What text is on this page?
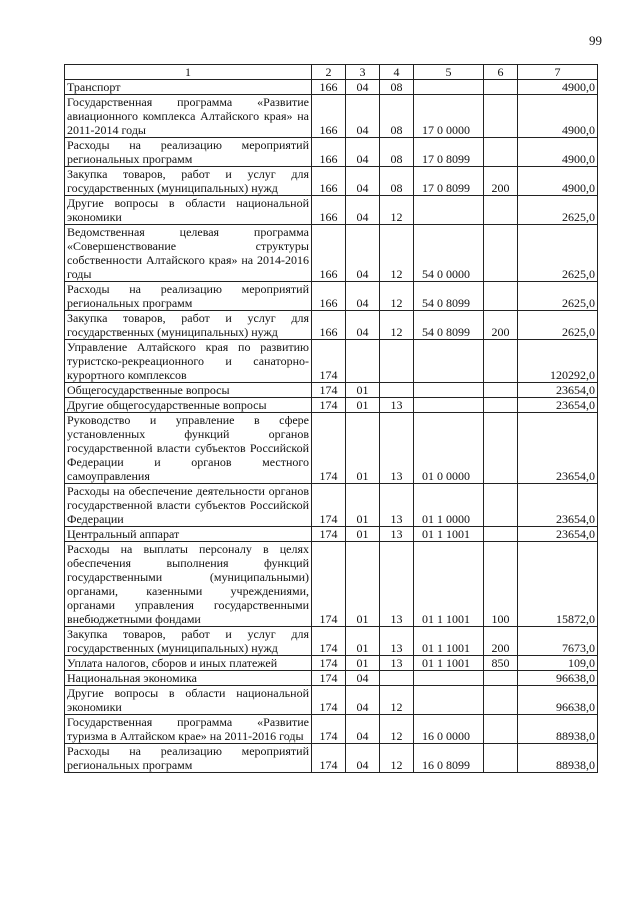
99
1	2	3	4	5	6	7
Транспорт	166	04	08			4900,0
Государственная программа «Развитие авиационного комплекса Алтайского края» на 2011-2014 годы	166	04	08	17 0 0000		4900,0
Расходы на реализацию мероприятий региональных программ	166	04	08	17 0 8099		4900,0
Закупка товаров, работ и услуг для государственных (муниципальных) нужд	166	04	08	17 0 8099	200	4900,0
Другие вопросы в области национальной экономики	166	04	12			2625,0
Ведомственная целевая программа «Совершенствование структуры собственности Алтайского края» на 2014-2016 годы	166	04	12	54 0 0000		2625,0
Расходы на реализацию мероприятий региональных программ	166	04	12	54 0 8099		2625,0
Закупка товаров, работ и услуг для государственных (муниципальных) нужд	166	04	12	54 0 8099	200	2625,0
Управление Алтайского края по развитию туристско-рекреационного и санаторно-курортного комплексов	174					120292,0
Общегосударственные вопросы	174	01				23654,0
Другие общегосударственные вопросы	174	01	13			23654,0
Руководство и управление в сфере установленных функций органов государственной власти субъектов Российской Федерации и органов местного самоуправления	174	01	13	01 0 0000		23654,0
Расходы на обеспечение деятельности органов государственной власти субъектов Российской Федерации	174	01	13	01 1 0000		23654,0
Центральный аппарат	174	01	13	01 1 1001		23654,0
Расходы на выплаты персоналу в целях обеспечения выполнения функций государственными (муниципальными) органами, казенными учреждениями, органами управления государственными внебюджетными фондами	174	01	13	01 1 1001	100	15872,0
Закупка товаров, работ и услуг для государственных (муниципальных) нужд	174	01	13	01 1 1001	200	7673,0
Уплата налогов, сборов и иных платежей	174	01	13	01 1 1001	850	109,0
Национальная экономика	174	04				96638,0
Другие вопросы в области национальной экономики	174	04	12			96638,0
Государственная программа «Развитие туризма в Алтайском крае» на 2011-2016 годы	174	04	12	16 0 0000		88938,0
Расходы на реализацию мероприятий региональных программ	174	04	12	16 0 8099		88938,0
